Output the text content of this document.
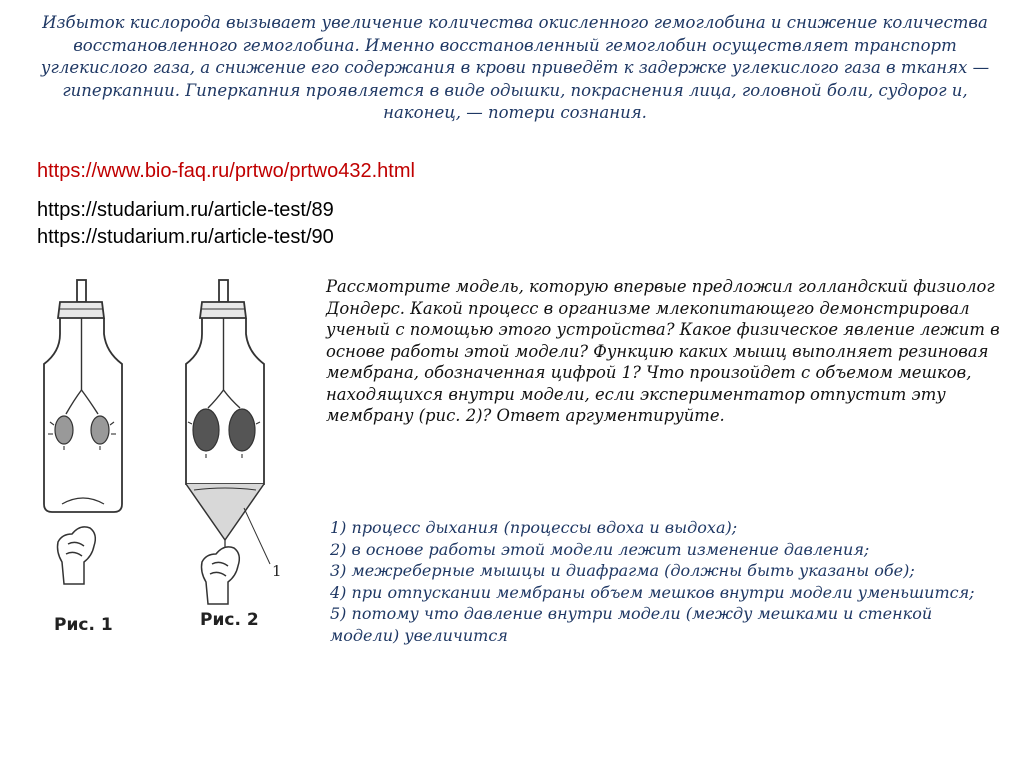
Избыток кислорода вызывает увеличение количества окисленного гемоглобина и снижение количества восстановленного гемоглобина. Именно восстановленный гемоглобин осуществляет транспорт углекислого газа, а снижение его содержания в крови приведёт к задержке углекислого газа в тканях — гиперкапнии. Гиперкапния проявляется в виде одышки, покраснения лица, головной боли, судорог и, наконец, — потери сознания.
https://www.bio-faq.ru/prtwo/prtwo432.html
https://studarium.ru/article-test/89
https://studarium.ru/article-test/90
1
Рис. 1	Рис. 2
Рассмотрите модель, которую впервые предложил голландский физиолог Дондерс. Какой процесс в организме млекопитающего демонстрировал ученый с помощью этого устройства? Какое физическое явление лежит в основе работы этой модели? Функцию каких мышц выполняет резиновая мембрана, обозначенная цифрой 1? Что произойдет с объемом мешков, находящихся внутри модели, если экспериментатор отпустит эту мембрану (рис. 2)? Ответ аргументируйте.
1) процесс дыхания (процессы вдоха и выдоха);
2) в основе работы этой модели лежит изменение давления;
3) межреберные мышцы и диафрагма (должны быть указаны обе);
4) при отпускании мембраны объем мешков внутри модели уменьшится;
5) потому что давление внутри модели (между мешками и стенкой модели) увеличится
